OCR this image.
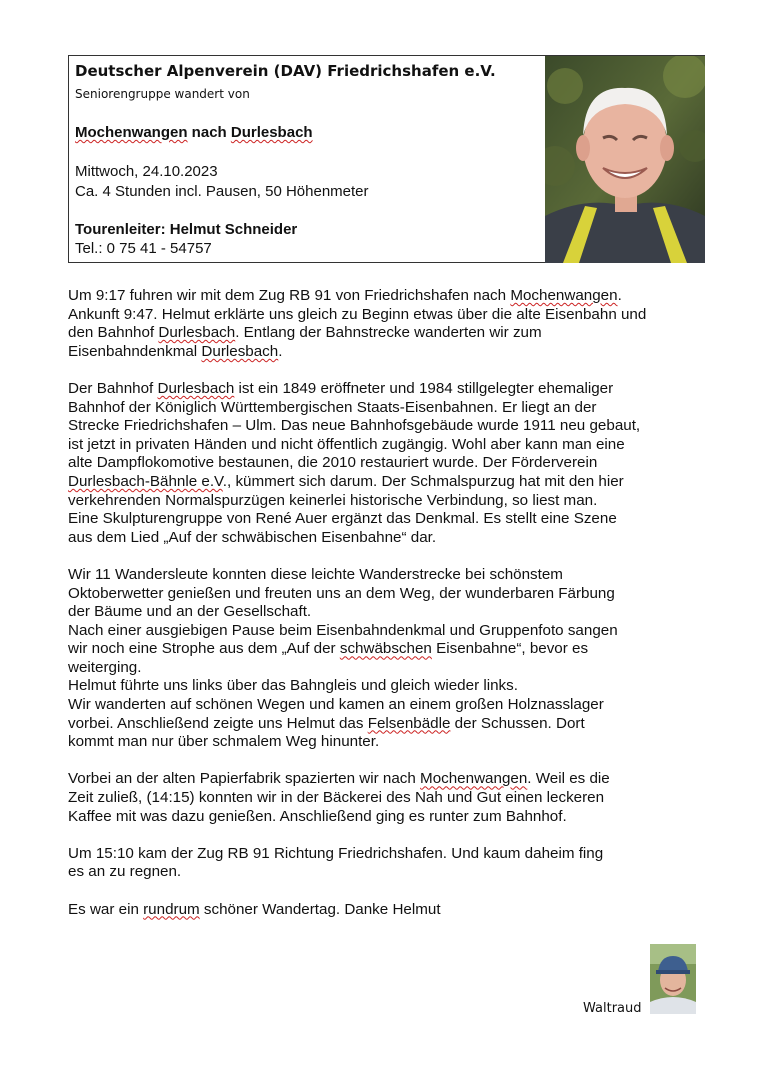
Deutscher Alpenverein (DAV) Friedrichshafen e.V.
Seniorengruppe wandert von
Mochenwangen nach Durlesbach
Mittwoch, 24.10.2023
Ca. 4 Stunden incl. Pausen, 50 Höhenmeter
Tourenleiter: Helmut Schneider
Tel.: 0 75 41 - 54757
Um 9:17 fuhren wir mit dem Zug RB 91 von Friedrichshafen nach Mochenwangen.
Ankunft 9:47. Helmut erklärte uns gleich zu Beginn etwas über die alte Eisenbahn und
den Bahnhof Durlesbach. Entlang der Bahnstrecke wanderten wir zum
Eisenbahndenkmal Durlesbach.
Der Bahnhof Durlesbach ist ein 1849 eröffneter und 1984 stillgelegter ehemaliger
Bahnhof der Königlich Württembergischen Staats-Eisenbahnen. Er liegt an der
Strecke Friedrichshafen – Ulm. Das neue Bahnhofsgebäude wurde 1911 neu gebaut,
ist jetzt in privaten Händen und nicht öffentlich zugängig. Wohl aber kann man eine
alte Dampflokomotive bestaunen, die 2010 restauriert wurde. Der Förderverein
Durlesbach-Bähnle e.V., kümmert sich darum. Der Schmalspurzug hat mit den hier
verkehrenden Normalspurzügen keinerlei historische Verbindung, so liest man.
Eine Skulpturengruppe von René Auer ergänzt das Denkmal. Es stellt eine Szene
aus dem Lied „Auf der schwäbischen Eisenbahne“ dar.
Wir 11 Wandersleute konnten diese leichte Wanderstrecke bei schönstem
Oktoberwetter genießen und freuten uns an dem Weg, der wunderbaren Färbung
der Bäume und an der Gesellschaft.
Nach einer ausgiebigen Pause beim Eisenbahndenkmal und Gruppenfoto sangen
wir noch eine Strophe aus dem „Auf der schwäbschen Eisenbahne“, bevor es
weiterging.
Helmut führte uns links über das Bahngleis und gleich wieder links.
Wir wanderten auf schönen Wegen und kamen an einem großen Holznasslager
vorbei. Anschließend zeigte uns Helmut das Felsenbädle der Schussen. Dort
kommt man nur über schmalem Weg hinunter.
Vorbei an der alten Papierfabrik spazierten wir nach Mochenwangen. Weil es die
Zeit zuließ, (14:15) konnten wir in der Bäckerei des Nah und Gut einen leckeren
Kaffee mit was dazu genießen. Anschließend ging es runter zum Bahnhof.
Um 15:10 kam der Zug RB 91 Richtung Friedrichshafen. Und kaum daheim fing
es an zu regnen.
Es war ein rundrum schöner Wandertag. Danke Helmut
Waltraud
